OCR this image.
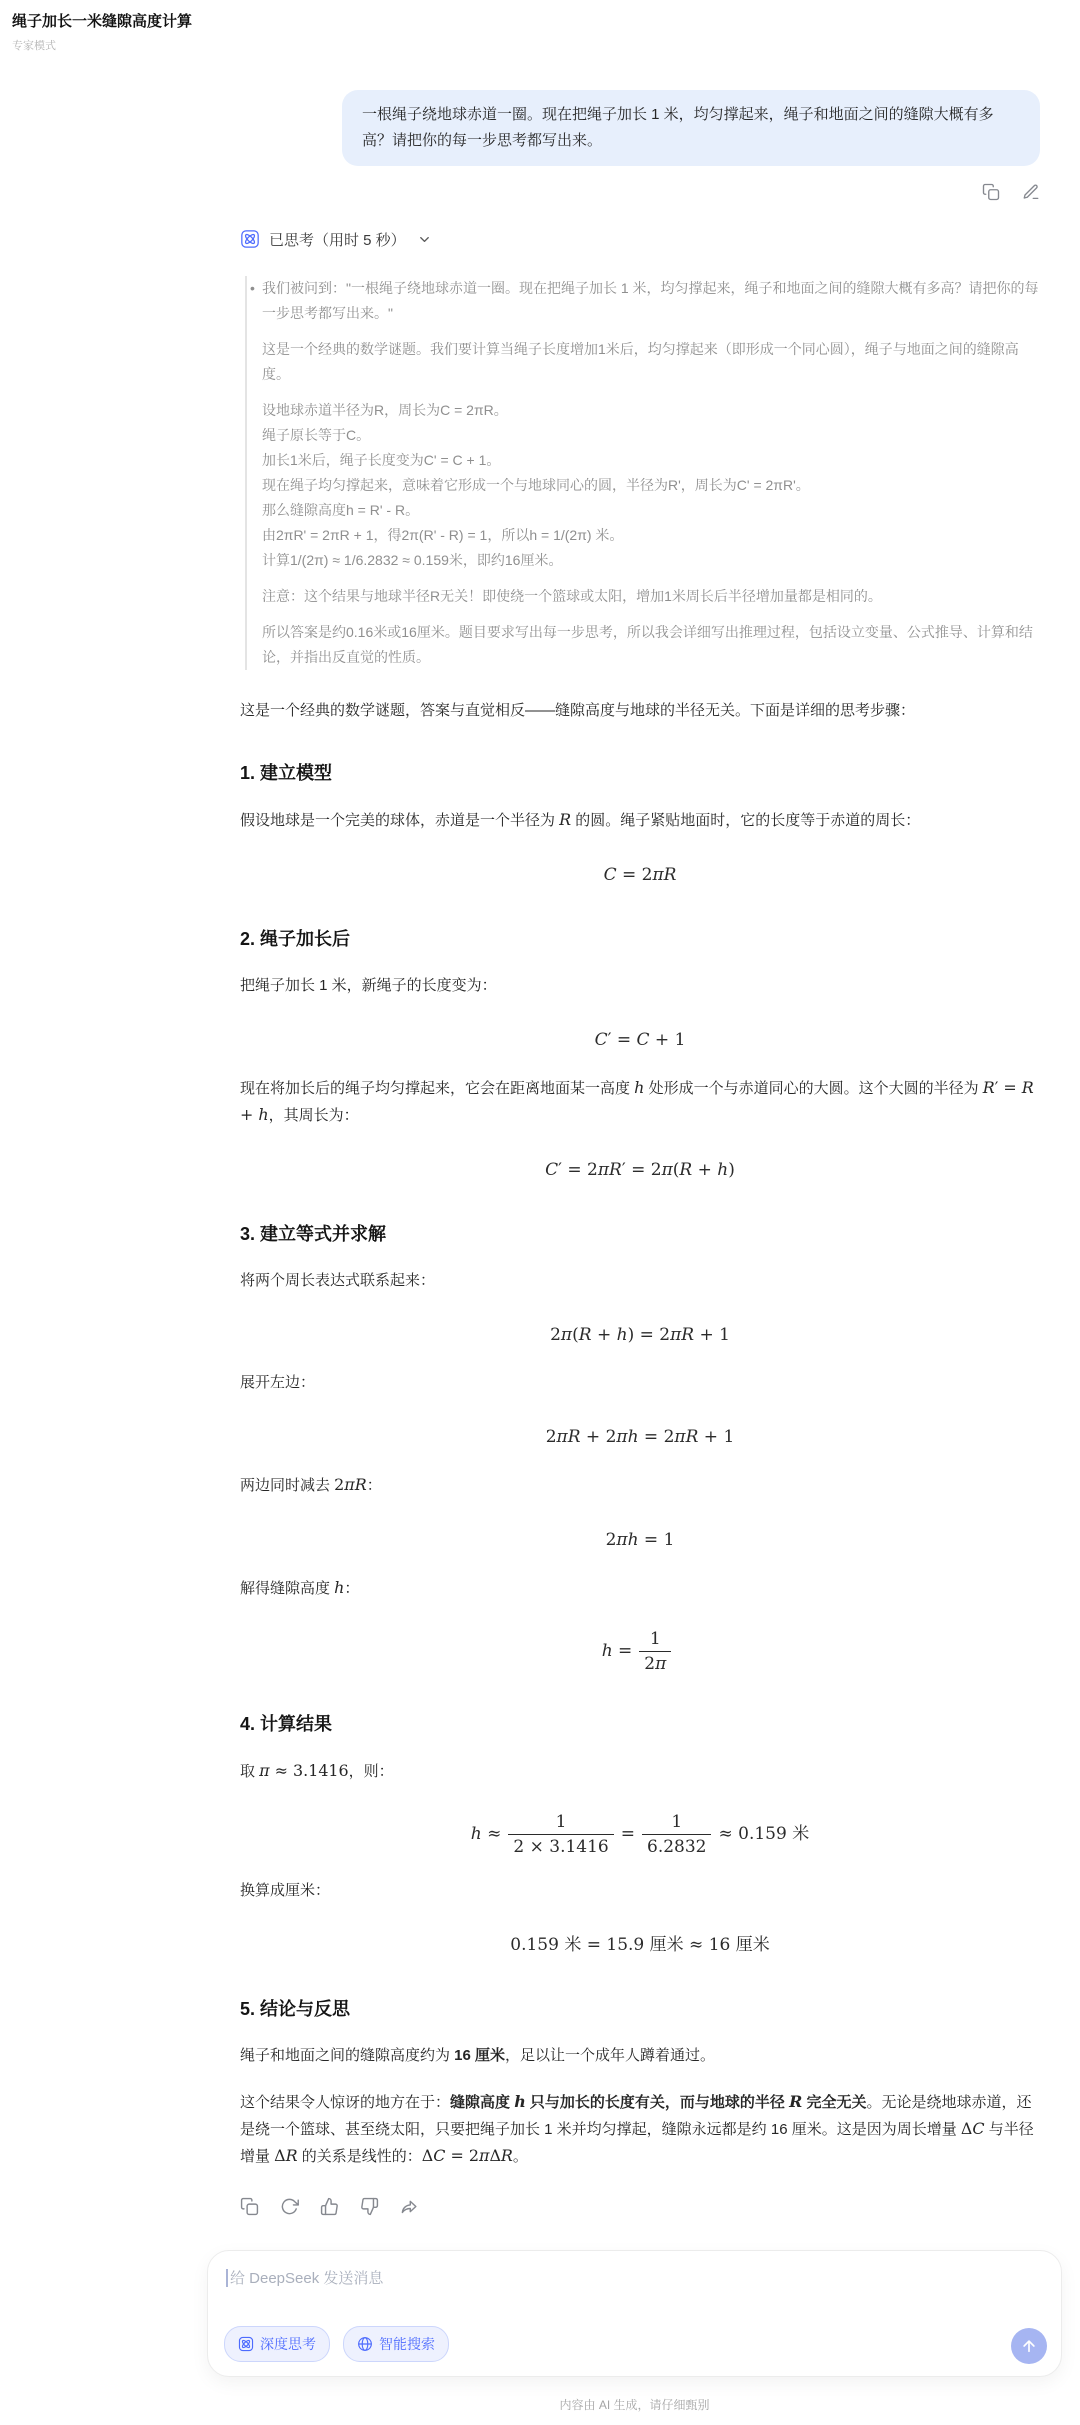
绳子加长一米缝隙高度计算
专家模式
一根绳子绕地球赤道一圈。现在把绳子加长 1 米，均匀撑起来，绳子和地面之间的缝隙大概有多高？请把你的每一步思考都写出来。
已思考（用时 5 秒）
• 我们被问到："一根绳子绕地球赤道一圈。现在把绳子加长 1 米，均匀撑起来，绳子和地面之间的缝隙大概有多高？请把你的每一步思考都写出来。"
这是一个经典的数学谜题。我们要计算当绳子长度增加1米后，均匀撑起来（即形成一个同心圆），绳子与地面之间的缝隙高度。
设地球赤道半径为R，周长为C = 2πR。
绳子原长等于C。
加长1米后，绳子长度变为C' = C + 1。
现在绳子均匀撑起来，意味着它形成一个与地球同心的圆，半径为R'，周长为C' = 2πR'。
那么缝隙高度h = R' - R。
由2πR' = 2πR + 1，得2π(R' - R) = 1，所以h = 1/(2π) 米。
计算1/(2π) ≈ 1/6.2832 ≈ 0.159米，即约16厘米。
注意：这个结果与地球半径R无关！即使绕一个篮球或太阳，增加1米周长后半径增加量都是相同的。
所以答案是约0.16米或16厘米。题目要求写出每一步思考，所以我会详细写出推理过程，包括设立变量、公式推导、计算和结论，并指出反直觉的性质。

这是一个经典的数学谜题，答案与直觉相反——缝隙高度与地球的半径无关。下面是详细的思考步骤：

1. 建立模型

假设地球是一个完美的球体，赤道是一个半径为 R 的圆。绳子紧贴地面时，它的长度等于赤道的周长：

C = 2πR
2. 绳子加长后

把绳子加长 1 米，新绳子的长度变为：

C′ = C + 1

现在将加长后的绳子均匀撑起来，它会在距离地面某一高度 h 处形成一个与赤道同心的大圆。这个大圆的半径为 R′ = R + h，其周长为：

C′ = 2πR′ = 2π(R + h)
3. 建立等式并求解

将两个周长表达式联系起来：

2π(R + h) = 2πR + 1

展开左边：

2πR + 2πh = 2πR + 1

两边同时减去 2πR：

2πh = 1

解得缝隙高度 h：

$h = \frac{1}{2\pi}$
4. 计算结果

取 π ≈ 3.1416，则：

$h \approx \frac{1}{2 \times 3.1416} = \frac{1}{6.2832} \approx 0.159$ 米

换算成厘米：

0.159 米 = 15.9 厘米 ≈ 16 厘米
5. 结论与反思

绳子和地面之间的缝隙高度约为 16 厘米，足以让一个成年人蹲着通过。

这个结果令人惊讶的地方在于：缝隙高度 h 只与加长的长度有关，而与地球的半径 R 完全无关。无论是绕地球赤道，还是绕一个篮球、甚至绕太阳，只要把绳子加长 1 米并均匀撑起，缝隙永远都是约 16 厘米。这是因为周长增量 ΔC 与半径增量 ΔR 的关系是线性的：ΔC = 2πΔR。

给 DeepSeek 发送消息
深度思考	智能搜索
内容由 AI 生成，请仔细甄别
